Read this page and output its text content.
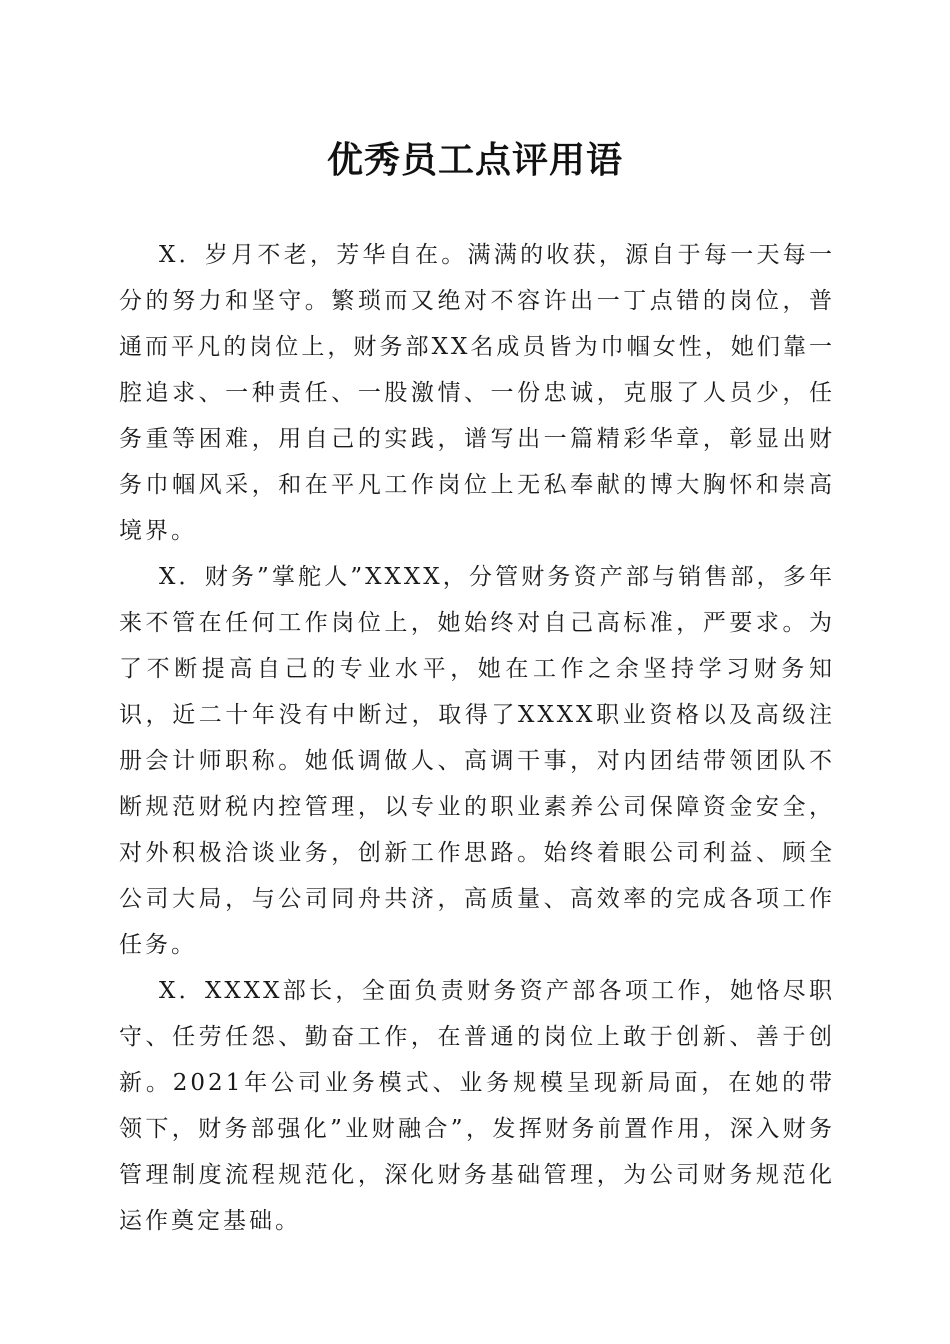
优秀员工点评用语

X．岁月不老，芳华自在。满满的收获，源自于每一天每一分的努力和坚守。繁琐而又绝对不容许出一丁点错的岗位，普通而平凡的岗位上，财务部XX名成员皆为巾帼女性，她们靠一腔追求、一种责任、一股激情、一份忠诚，克服了人员少，任务重等困难，用自己的实践，谱写出一篇精彩华章，彰显出财务巾帼风采，和在平凡工作岗位上无私奉献的博大胸怀和崇高境界。

X．财务”掌舵人”XXXX，分管财务资产部与销售部，多年来不管在任何工作岗位上，她始终对自己高标准，严要求。为了不断提高自己的专业水平，她在工作之余坚持学习财务知识，近二十年没有中断过，取得了XXXX职业资格以及高级注册会计师职称。她低调做人、高调干事，对内团结带领团队不断规范财税内控管理，以专业的职业素养公司保障资金安全，对外积极洽谈业务，创新工作思路。始终着眼公司利益、顾全公司大局，与公司同舟共济，高质量、高效率的完成各项工作任务。

X．XXXX部长，全面负责财务资产部各项工作，她恪尽职守、任劳任怨、勤奋工作，在普通的岗位上敢于创新、善于创新。2021年公司业务模式、业务规模呈现新局面，在她的带领下，财务部强化”业财融合”，发挥财务前置作用，深入财务管理制度流程规范化，深化财务基础管理，为公司财务规范化运作奠定基础。
